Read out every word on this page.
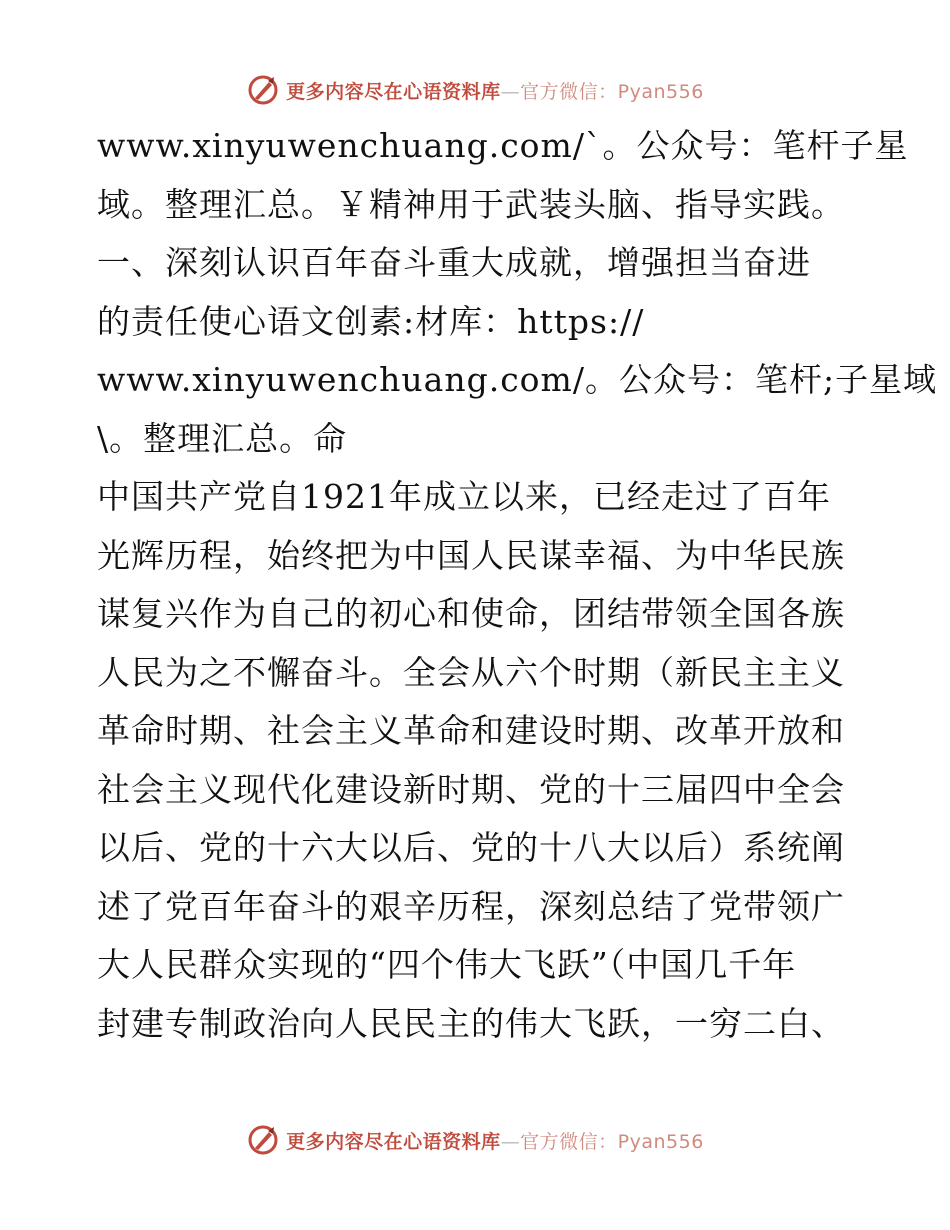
更多内容尽在心语资料库—官方微信：Pyan556
www.xinyuwenchuang.com/`。公众号：笔杆子星
域。整理汇总。￥精神用于武装头脑、指导实践。
一、深刻认识百年奋斗重大成就，增强担当奋进
的责任使心语文创素:材库：https://
www.xinyuwenchuang.com/。公众号：笔杆;子星域
\。整理汇总。命
中国共产党自1921年成立以来，已经走过了百年
光辉历程，始终把为中国人民谋幸福、为中华民族
谋复兴作为自己的初心和使命，团结带领全国各族
人民为之不懈奋斗。全会从六个时期（新民主主义
革命时期、社会主义革命和建设时期、改革开放和
社会主义现代化建设新时期、党的十三届四中全会
以后、党的十六大以后、党的十八大以后）系统阐
述了党百年奋斗的艰辛历程，深刻总结了党带领广
大人民群众实现的“四个伟大飞跃”（中国几千年
封建专制政治向人民民主的伟大飞跃，一穷二白、
更多内容尽在心语资料库—官方微信：Pyan556
